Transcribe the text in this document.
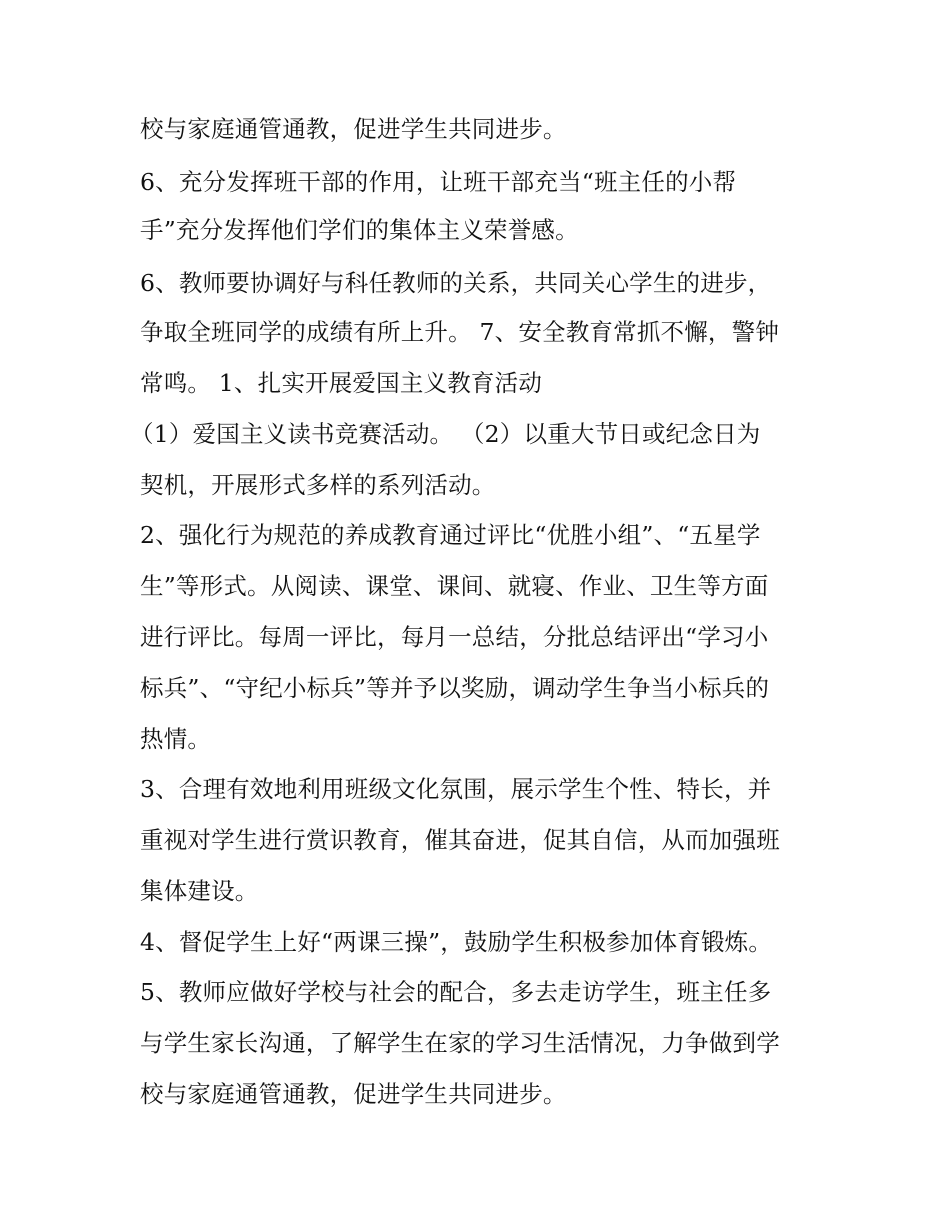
校与家庭通管通教，促进学生共同进步。
6、充分发挥班干部的作用，让班干部充当“班主任的小帮
手”充分发挥他们学们的集体主义荣誉感。
6、教师要协调好与科任教师的关系，共同关心学生的进步，
争取全班同学的成绩有所上升。 7、安全教育常抓不懈，警钟
常鸣。 1、扎实开展爱国主义教育活动
（1）爱国主义读书竞赛活动。 （2）以重大节日或纪念日为
契机，开展形式多样的系列活动。
2、强化行为规范的养成教育通过评比“优胜小组”、“五星学
生”等形式。从阅读、课堂、课间、就寝、作业、卫生等方面
进行评比。每周一评比，每月一总结，分批总结评出“学习小
标兵”、“守纪小标兵”等并予以奖励，调动学生争当小标兵的
热情。
3、合理有效地利用班级文化氛围，展示学生个性、特长，并
重视对学生进行赏识教育，催其奋进，促其自信，从而加强班
集体建设。
4、督促学生上好“两课三操”，鼓励学生积极参加体育锻炼。
5、教师应做好学校与社会的配合，多去走访学生，班主任多
与学生家长沟通，了解学生在家的学习生活情况，力争做到学
校与家庭通管通教，促进学生共同进步。
